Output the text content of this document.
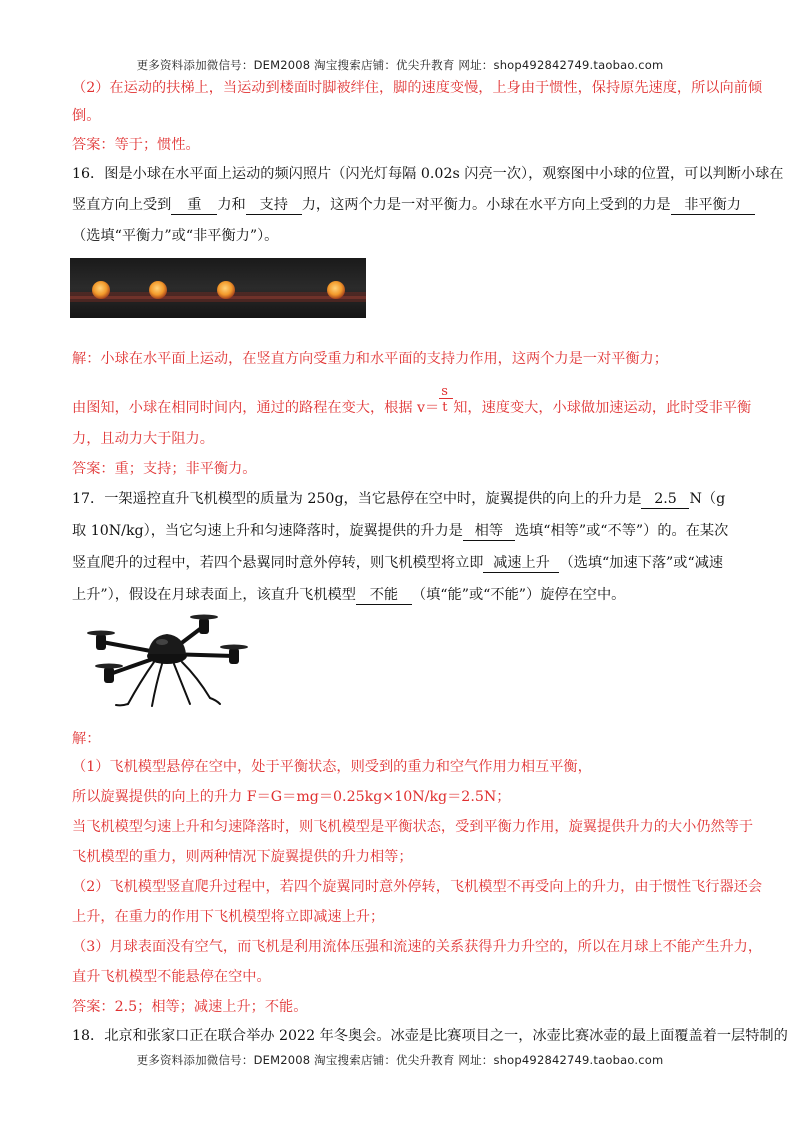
更多资料添加微信号：DEM2008 淘宝搜索店铺：优尖升教育 网址：shop492842749.taobao.com
（2）在运动的扶梯上，当运动到楼面时脚被绊住，脚的速度变慢，上身由于惯性，保持原先速度，所以向前倾
倒。
答案：等于；惯性。
16．图是小球在水平面上运动的频闪照片（闪光灯每隔 0.02s 闪亮一次），观察图中小球的位置，可以判断小球在
竖直方向上受到 重 力和 支持 力，这两个力是一对平衡力。小球在水平方向上受到的力是 非平衡力
（选填“平衡力”或“非平衡力”）。
解：小球在水平面上运动，在竖直方向受重力和水平面的支持力作用，这两个力是一对平衡力；
由图知，小球在相同时间内，通过的路程在变大，根据 $v= \frac{s}{t}$ 知，速度变大，小球做加速运动，此时受非平衡
力，且动力大于阻力。
答案：重；支持；非平衡力。
17．一架遥控直升飞机模型的质量为 250g，当它悬停在空中时，旋翼提供的向上的升力是 2.5 N（g
取 10N/kg），当它匀速上升和匀速降落时，旋翼提供的升力是 相等 选填“相等”或“不等”）的。在某次
竖直爬升的过程中，若四个悬翼同时意外停转，则飞机模型将立即 减速上升 （选填“加速下落”或“减速
上升”），假设在月球表面上，该直升飞机模型 不能 （填“能”或“不能”）旋停在空中。
解：
（1）飞机模型悬停在空中，处于平衡状态，则受到的重力和空气作用力相互平衡，
所以旋翼提供的向上的升力 F＝G＝mg＝0.25kg×10N/kg＝2.5N；
当飞机模型匀速上升和匀速降落时，则飞机模型是平衡状态，受到平衡力作用，旋翼提供升力的大小仍然等于
飞机模型的重力，则两种情况下旋翼提供的升力相等；
（2）飞机模型竖直爬升过程中，若四个旋翼同时意外停转，飞机模型不再受向上的升力，由于惯性飞行器还会
上升，在重力的作用下飞机模型将立即减速上升；
（3）月球表面没有空气，而飞机是利用流体压强和流速的关系获得升力升空的，所以在月球上不能产生升力，
直升飞机模型不能悬停在空中。
答案：2.5；相等；减速上升；不能。
18．北京和张家口正在联合举办 2022 年冬奥会。冰壶是比赛项目之一，冰壶比赛冰壶的最上面覆盖着一层特制的
更多资料添加微信号：DEM2008 淘宝搜索店铺：优尖升教育 网址：shop492842749.taobao.com
